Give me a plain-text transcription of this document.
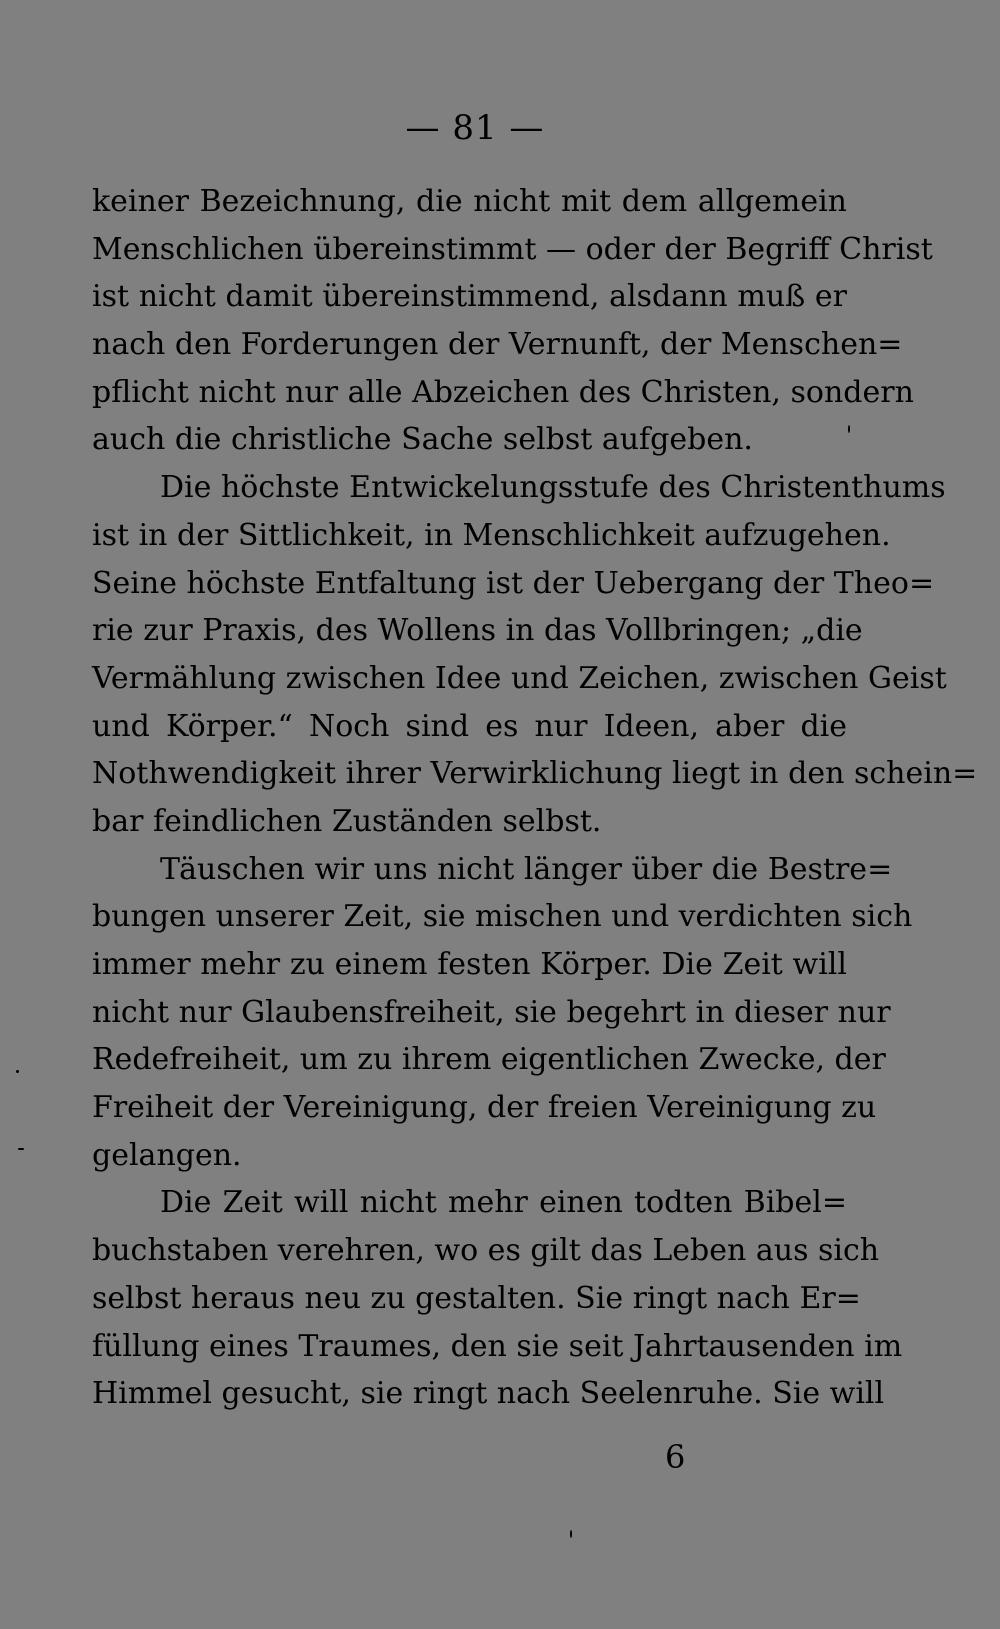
— 81 —
keiner Bezeichnung, die nicht mit dem allgemein
Menschlichen übereinstimmt — oder der Begriff Christ
ist nicht damit übereinstimmend, alsdann muß er
nach den Forderungen der Vernunft, der Menschen=
pflicht nicht nur alle Abzeichen des Christen, sondern
auch die christliche Sache selbst aufgeben.
Die höchste Entwickelungsstufe des Christenthums
ist in der Sittlichkeit, in Menschlichkeit aufzugehen.
Seine höchste Entfaltung ist der Uebergang der Theo=
rie zur Praxis, des Wollens in das Vollbringen; „die
Vermählung zwischen Idee und Zeichen, zwischen Geist
und Körper.“ Noch sind es nur Ideen, aber die
Nothwendigkeit ihrer Verwirklichung liegt in den schein=
bar feindlichen Zuständen selbst.
Täuschen wir uns nicht länger über die Bestre=
bungen unserer Zeit, sie mischen und verdichten sich
immer mehr zu einem festen Körper. Die Zeit will
nicht nur Glaubensfreiheit, sie begehrt in dieser nur
Redefreiheit, um zu ihrem eigentlichen Zwecke, der
Freiheit der Vereinigung, der freien Vereinigung zu
gelangen.
Die Zeit will nicht mehr einen todten Bibel=
buchstaben verehren, wo es gilt das Leben aus sich
selbst heraus neu zu gestalten. Sie ringt nach Er=
füllung eines Traumes, den sie seit Jahrtausenden im
Himmel gesucht, sie ringt nach Seelenruhe. Sie will
6
